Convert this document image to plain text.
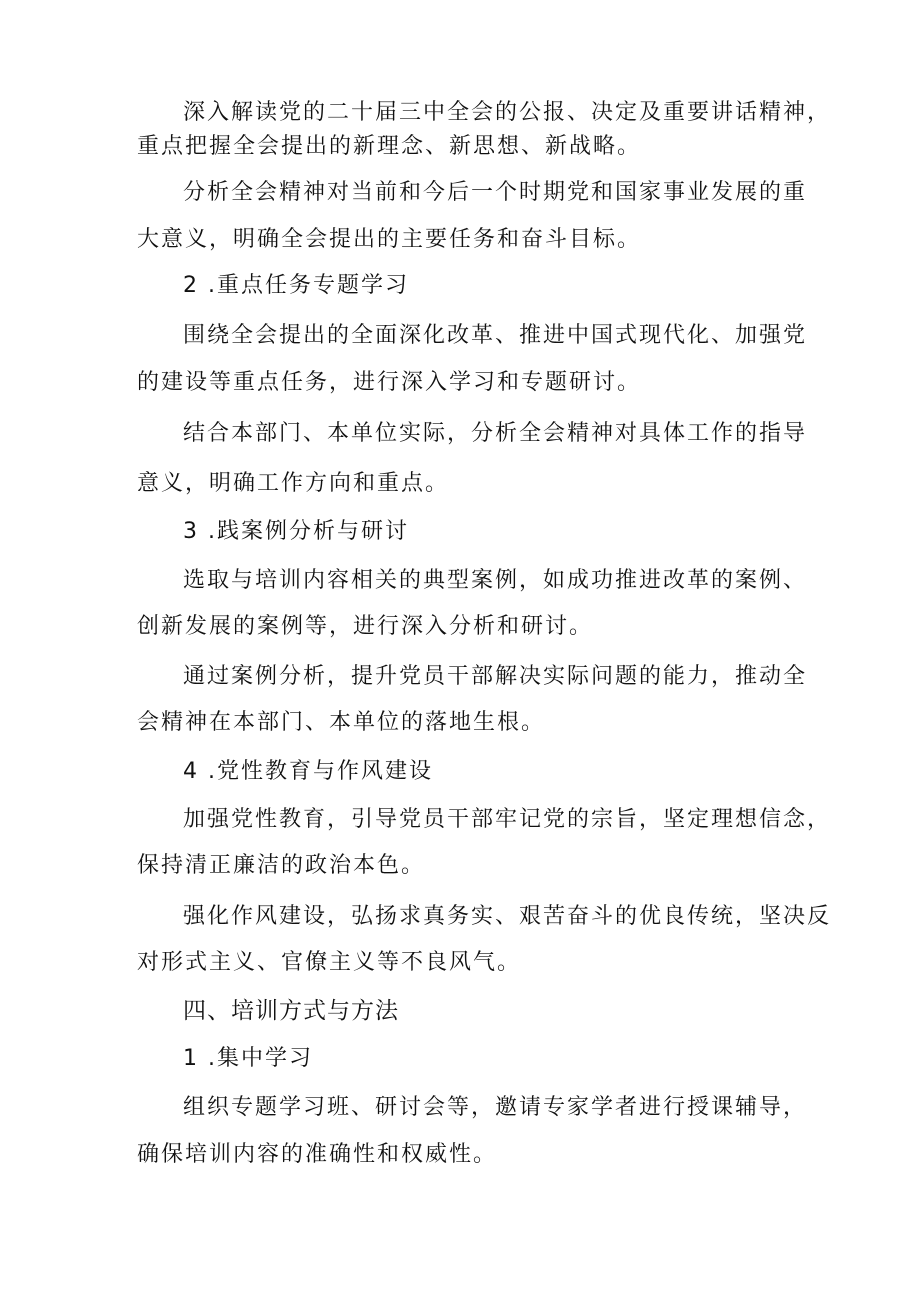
深入解读党的二十届三中全会的公报、决定及重要讲话精神，
重点把握全会提出的新理念、新思想、新战略。
分析全会精神对当前和今后一个时期党和国家事业发展的重
大意义，明确全会提出的主要任务和奋斗目标。
2 .重点任务专题学习
围绕全会提出的全面深化改革、推进中国式现代化、加强党
的建设等重点任务，进行深入学习和专题研讨。
结合本部门、本单位实际，分析全会精神对具体工作的指导
意义，明确工作方向和重点。
3 .践案例分析与研讨
选取与培训内容相关的典型案例，如成功推进改革的案例、
创新发展的案例等，进行深入分析和研讨。
通过案例分析，提升党员干部解决实际问题的能力，推动全
会精神在本部门、本单位的落地生根。
4 .党性教育与作风建设
加强党性教育，引导党员干部牢记党的宗旨，坚定理想信念，
保持清正廉洁的政治本色。
强化作风建设，弘扬求真务实、艰苦奋斗的优良传统，坚决反
对形式主义、官僚主义等不良风气。
四、培训方式与方法
1 .集中学习
组织专题学习班、研讨会等，邀请专家学者进行授课辅导，
确保培训内容的准确性和权威性。
